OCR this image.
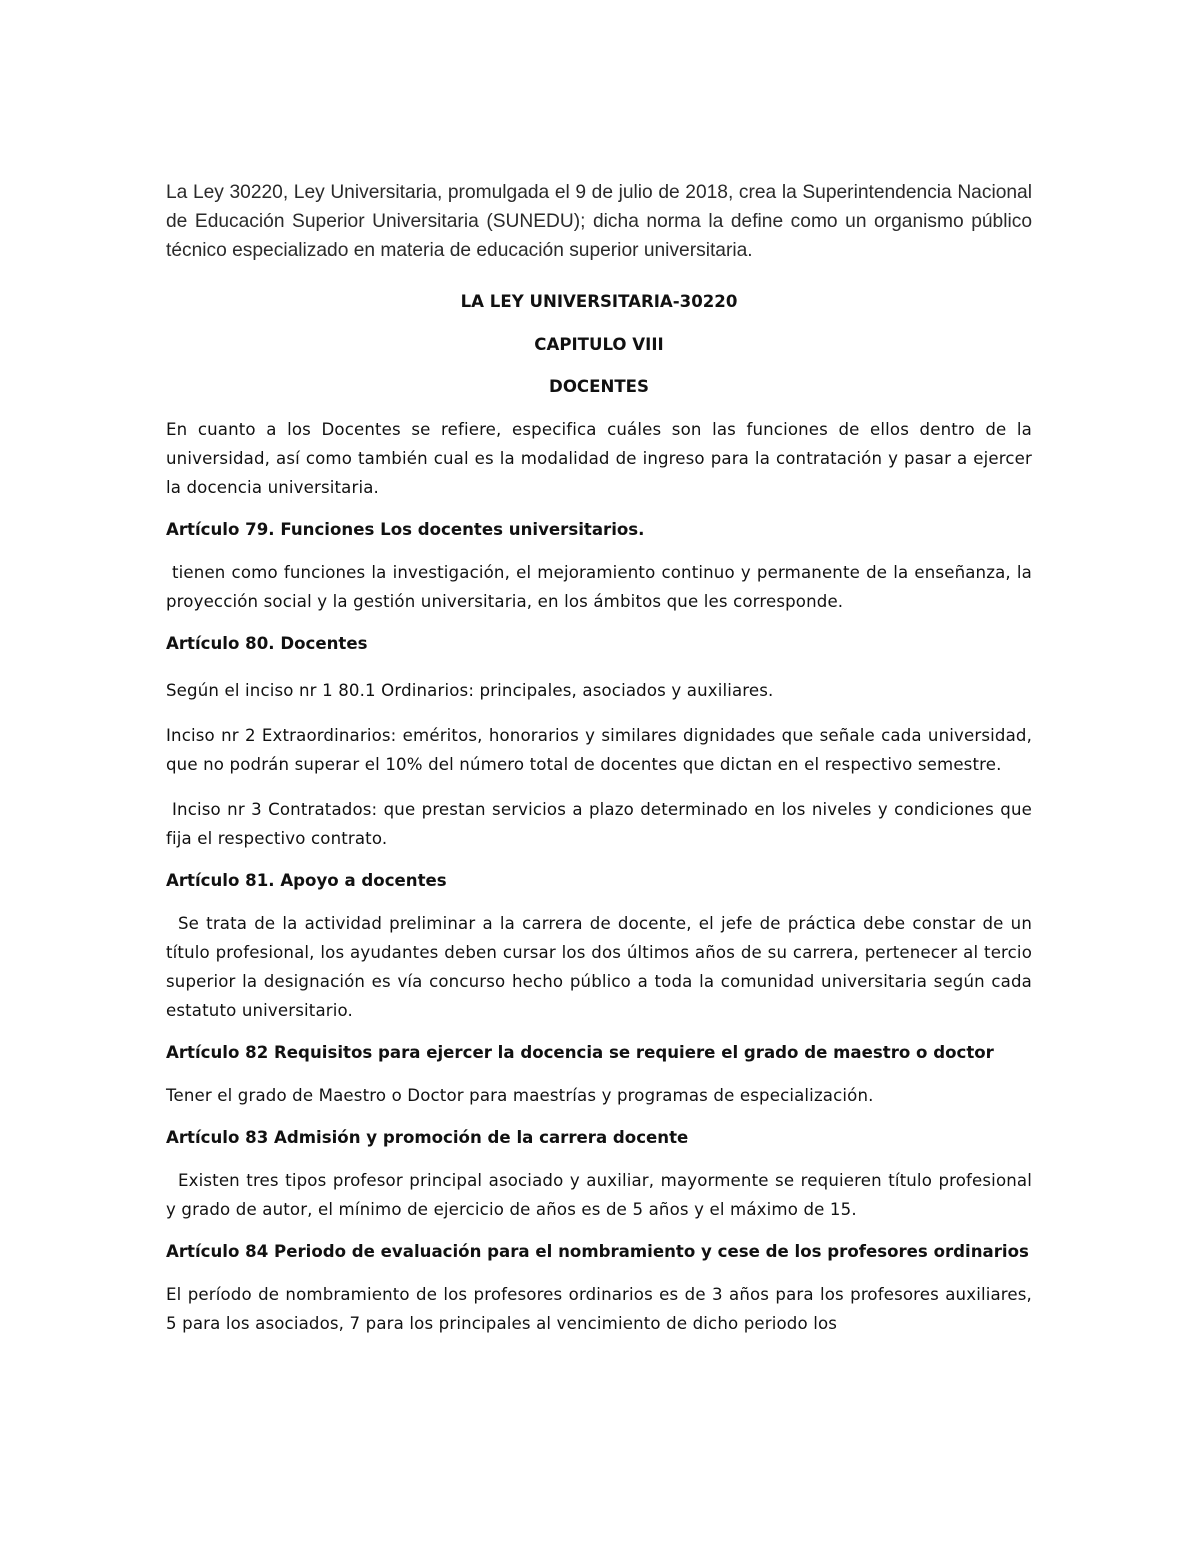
La Ley 30220, Ley Universitaria, promulgada el 9 de julio de 2018, crea la Superintendencia Nacional de Educación Superior Universitaria (SUNEDU); dicha norma la define como un organismo público técnico especializado en materia de educación superior universitaria.

LA LEY UNIVERSITARIA-30220

CAPITULO VIII

DOCENTES

En cuanto a los Docentes se refiere, especifica cuáles son las funciones de ellos dentro de la universidad, así como también cual es la modalidad de ingreso para la contratación y pasar a ejercer la docencia universitaria.

Artículo 79. Funciones Los docentes universitarios.

tienen como funciones la investigación, el mejoramiento continuo y permanente de la enseñanza, la proyección social y la gestión universitaria, en los ámbitos que les corresponde.

Artículo 80. Docentes

Según el inciso nr 1 80.1 Ordinarios: principales, asociados y auxiliares.

Inciso nr 2 Extraordinarios: eméritos, honorarios y similares dignidades que señale cada universidad, que no podrán superar el 10% del número total de docentes que dictan en el respectivo semestre.

Inciso nr 3 Contratados: que prestan servicios a plazo determinado en los niveles y condiciones que fija el respectivo contrato.

Artículo 81. Apoyo a docentes

Se trata de la actividad preliminar a la carrera de docente, el jefe de práctica debe constar de un título profesional, los ayudantes deben cursar los dos últimos años de su carrera, pertenecer al tercio superior la designación es vía concurso hecho público a toda la comunidad universitaria según cada estatuto universitario.

Artículo 82 Requisitos para ejercer la docencia se requiere el grado de maestro o doctor

Tener el grado de Maestro o Doctor para maestrías y programas de especialización.

Artículo 83 Admisión y promoción de la carrera docente

Existen tres tipos profesor principal asociado y auxiliar, mayormente se requieren título profesional y grado de autor, el mínimo de ejercicio de años es de 5 años y el máximo de 15.

Artículo 84 Periodo de evaluación para el nombramiento y cese de los profesores ordinarios

El período de nombramiento de los profesores ordinarios es de 3 años para los profesores auxiliares, 5 para los asociados, 7 para los principales al vencimiento de dicho periodo los
